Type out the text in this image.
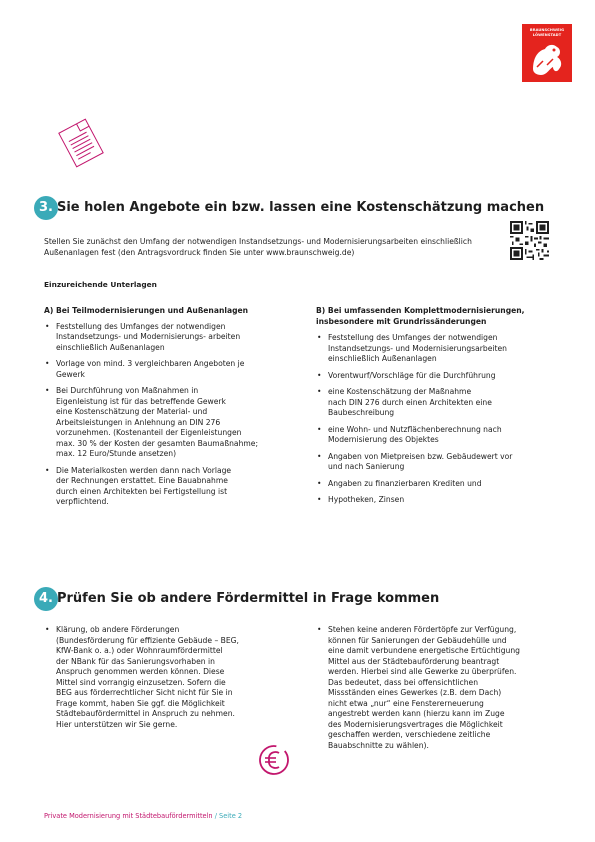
BRAUNSCHWEIG
LÖWENSTADT
3. Sie holen Angebote ein bzw. lassen eine Kostenschätzung machen
Stellen Sie zunächst den Umfang der notwendigen Instandsetzungs- und Modernisierungsarbeiten einschließlich Außenanlagen fest (den Antragsvordruck finden Sie unter www.braunschweig.de)
Einzureichende Unterlagen
A) Bei Teilmodernisierungen und Außenanlagen
• Feststellung des Umfanges der notwendigen
Instandsetzungs- und Modernisierungs- arbeiten
einschließlich Außenanlagen
• Vorlage von mind. 3 vergleichbaren Angeboten je
Gewerk
• Bei Durchführung von Maßnahmen in
Eigenleistung ist für das betreffende Gewerk
eine Kostenschätzung der Material- und
Arbeitsleistungen in Anlehnung an DIN 276
vorzunehmen. (Kostenanteil der Eigenleistungen
max. 30 % der Kosten der gesamten Baumaßnahme;
max. 12 Euro/Stunde ansetzen)
• Die Materialkosten werden dann nach Vorlage
der Rechnungen erstattet. Eine Bauabnahme
durch einen Architekten bei Fertigstellung ist
verpflichtend.
B) Bei umfassenden Komplettmodernisierungen,
insbesondere mit Grundrissänderungen
• Feststellung des Umfanges der notwendigen
Instandsetzungs- und Modernisierungsarbeiten
einschließlich Außenanlagen
• Vorentwurf/Vorschläge für die Durchführung
• eine Kostenschätzung der Maßnahme
nach DIN 276 durch einen Architekten eine
Baubeschreibung
• eine Wohn- und Nutzflächenberechnung nach
Modernisierung des Objektes
• Angaben von Mietpreisen bzw. Gebäudewert vor
und nach Sanierung
• Angaben zu finanzierbaren Krediten und
• Hypotheken, Zinsen
4. Prüfen Sie ob andere Fördermittel in Frage kommen
• Klärung, ob andere Förderungen
(Bundesförderung für effiziente Gebäude – BEG,
KfW-Bank o. a.) oder Wohnraumfördermittel
der NBank für das Sanierungsvorhaben in
Anspruch genommen werden können. Diese
Mittel sind vorrangig einzusetzen. Sofern die
BEG aus förderrechtlicher Sicht nicht für Sie in
Frage kommt, haben Sie ggf. die Möglichkeit
Städtebaufördermittel in Anspruch zu nehmen.
Hier unterstützen wir Sie gerne.
• Stehen keine anderen Fördertöpfe zur Verfügung,
können für Sanierungen der Gebäudehülle und
eine damit verbundene energetische Ertüchtigung
Mittel aus der Städtebauförderung beantragt
werden. Hierbei sind alle Gewerke zu überprüfen.
Das bedeutet, dass bei offensichtlichen
Missständen eines Gewerkes (z.B. dem Dach)
nicht etwa „nur“ eine Fenstererneuerung
angestrebt werden kann (hierzu kann im Zuge
des Modernisierungsvertrages die Möglichkeit
geschaffen werden, verschiedene zeitliche
Bauabschnitte zu wählen).
Private Modernisierung mit Städtebaufördermitteln / Seite 2
